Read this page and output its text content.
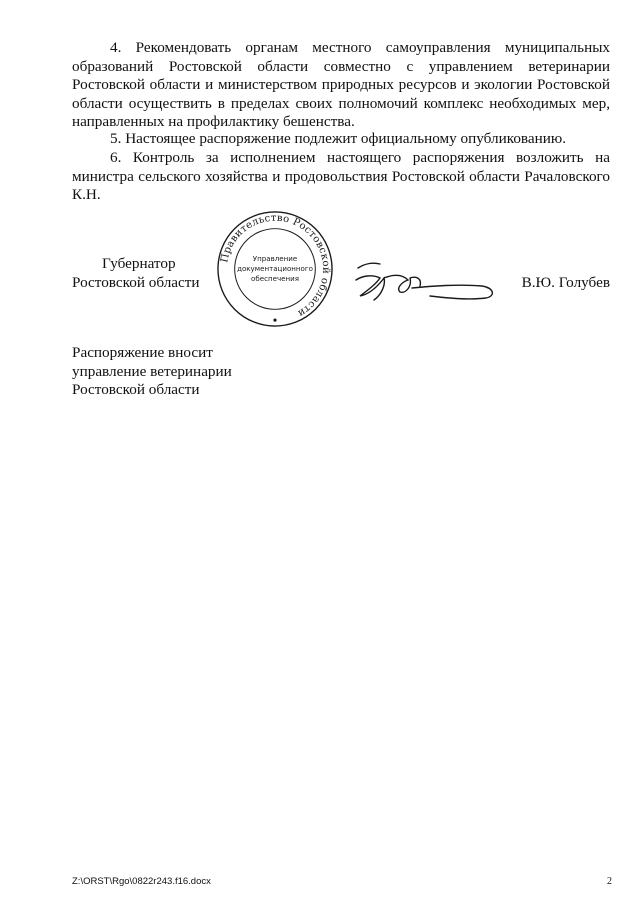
4. Рекомендовать органам местного самоуправления муниципальных образований Ростовской области совместно с управлением ветеринарии Ростовской области и министерством природных ресурсов и экологии Ростовской области осуществить в пределах своих полномочий комплекс необходимых мер, направленных на профилактику бешенства.

5. Настоящее распоряжение подлежит официальному опубликованию.

6. Контроль за исполнением настоящего распоряжения возложить на министра сельского хозяйства и продовольствия Ростовской области Рачаловского К.Н.

Губернатор
Ростовской области
Правительство Ростовской области
Управление
документационного
обеспечения	В.Ю. Голубев
Распоряжение вносит
управление ветеринарии
Ростовской области
Z:\ORST\Rgo\0822r243.f16.docx	2
